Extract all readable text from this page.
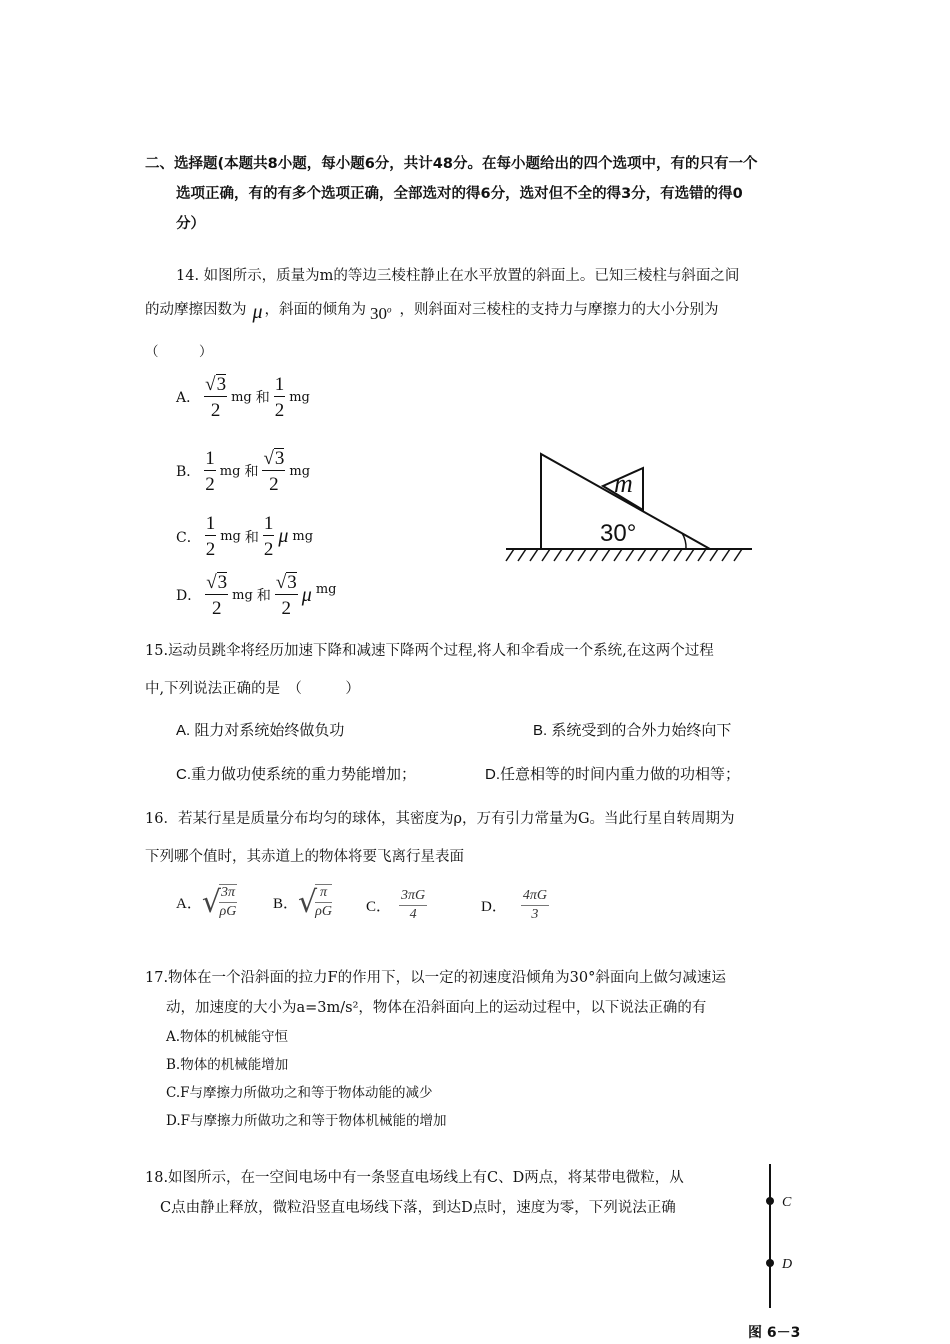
二、选择题(本题共8小题，每小题6分，共计48分。在每小题给出的四个选项中，有的只有一个
选项正确，有的有多个选项正确，全部选对的得6分，选对但不全的得3分，有选错的得0
分）
14. 如图所示，质量为m的等边三棱柱静止在水平放置的斜面上。已知三棱柱与斜面之间
的动摩擦因数为 μ ，斜面的倾角为 30$^o$ ，则斜面对三棱柱的支持力与摩擦力的大小分别为
（　　　）
A． $\frac{√3}{2}$ mg 和 $\frac{1}{2}$ mg
B． $\frac{1}{2}$ mg 和 $\frac{√3}{2}$ mg
C． $\frac{1}{2}$ mg 和 $\frac{1}{2}$ μ mg
D． $\frac{√3}{2}$ mg 和 $\frac{√3}{2}$ μ mg
m
30°
15.运动员跳伞将经历加速下降和减速下降两个过程,将人和伞看成一个系统,在这两个过程
中,下列说法正确的是　（　　　）
A. 阻力对系统始终做负功	B. 系统受到的合外力始终向下
C.重力做功使系统的重力势能增加；	D.任意相等的时间内重力做的功相等；
16．若某行星是质量分布均匀的球体，其密度为ρ，万有引力常量为G。当此行星自转周期为
下列哪个值时，其赤道上的物体将要飞离行星表面
A． √
$\frac{3\pi}{\rho G}$ B． √
$\frac{\pi}{\rho G}$ C． $\frac{3\pi G}{4}$	D． $\frac{4\pi G}{3}$
17.物体在一个沿斜面的拉力F的作用下，以一定的初速度沿倾角为30°斜面向上做匀减速运
动，加速度的大小为a=3m/s²，物体在沿斜面向上的运动过程中，以下说法正确的有
A.物体的机械能守恒
B.物体的机械能增加
C.F与摩擦力所做功之和等于物体动能的减少
D.F与摩擦力所做功之和等于物体机械能的增加
18.如图所示，在一空间电场中有一条竖直电场线上有C、D两点，将某带电微粒，从
C点由静止释放，微粒沿竖直电场线下落，到达D点时，速度为零，下列说法正确	C
D
图 6－3
